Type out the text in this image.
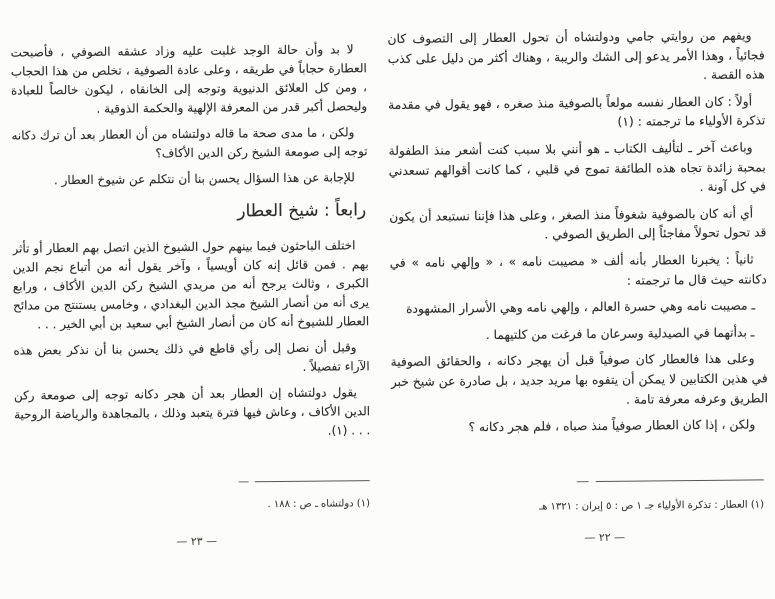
ويفهم من روايتي جامي ودولتشاه أن تحول العطار إلى التصوف كان فجائياً ، وهذا الأمر يدعو إلى الشك والريبة ، وهناك أكثر من دليل على كذب هذه القصة .

أولاً : كان العطار نفسه مولعاً بالصوفية منذ صغره ، فهو يقول في مقدمة تذكرة الأولياء ما ترجمته : (١)

وباعث آخر ـ لتأليف الكتاب ـ هو أنني بلا سبب كنت أشعر منذ الطفولة بمحبة زائدة تجاه هذه الطائفة تموج في قلبي ، كما كانت أقوالهم تسعدني في كل آونة .

أي أنه كان بالصوفية شغوفاً منذ الصغر ، وعلى هذا فإننا نستبعد أن يكون قد تحول تحولاً مفاجئاً إلى الطريق الصوفي .

ثانياً : يخبرنا العطار بأنه ألف « مصيبت نامه » ، « وإلهي نامه » في دكانته حيث قال ما ترجمته :

ـ مصيبت نامه وهي حسرة العالم ، وإلهي نامه وهي الأسرار المشهودة

ـ بدأتهما في الصيدلية وسرعان ما فرغت من كلتيهما .

وعلى هذا فالعطار كان صوفياً قبل أن يهجر دكانه ، والحقائق الصوفية في هذين الكتابين لا يمكن أن يتفوه بها مريد جديد ، بل صادرة عن شيخ خبر الطريق وعرفه معرفة تامة .

ولكن ، إذا كان العطار صوفياً منذ صباه ، فلم هجر دكانه ؟

لا بد وأن حالة الوجد غلبت عليه وزاد عشقه الصوفي ، فأصبحت العطارة حجاباً في طريقه ، وعلى عادة الصوفية ، تخلص من هذا الحجاب ، ومن كل العلائق الدنيوية وتوجه إلى الخانقاه ، ليكون خالصاً للعبادة وليحصل أكبر قدر من المعرفة الإلهية والحكمة الذوقية .

ولكن ، ما مدى صحة ما قاله دولتشاه من أن العطار بعد أن ترك دكانه توجه إلى صومعة الشيخ ركن الدين الأكاف؟

للإجابة عن هذا السؤال يحسن بنا أن نتكلم عن شيوخ العطار .

رابعاً : شيخ العطار

اختلف الباحثون فيما بينهم حول الشيوخ الذين اتصل بهم العطار أو تأثر بهم . فمن قائل إنه كان أويسياً ، وآخر يقول أنه من أتباع نجم الدين الكبرى ، وثالث يرجح أنه من مريدي الشيخ ركن الدين الأكاف ، ورابع يرى أنه من أنصار الشيخ مجد الدين البغدادي ، وخامس يستنتج من مدائح العطار للشيوخ أنه كان من أنصار الشيخ أبي سعيد بن أبي الخير . . .

وقبل أن نصل إلى رأي قاطع في ذلك يحسن بنا أن نذكر بعض هذه الآراء تفصيلاً .

يقول دولتشاه إن العطار بعد أن هجر دكانه توجه إلى صومعة ركن الدين الأكاف ، وعاش فيها فترة يتعبد وذلك ، بالمجاهدة والرياضة الروحية . . . (١).

(١) العطار : تذكرة الأولياء جـ ١ ص : ٥ إيران : ١٣٢١ هـ
(١) دولتشاه ـ ص : ١٨٨ .
— ٢٢ —
— ٢٣ —
